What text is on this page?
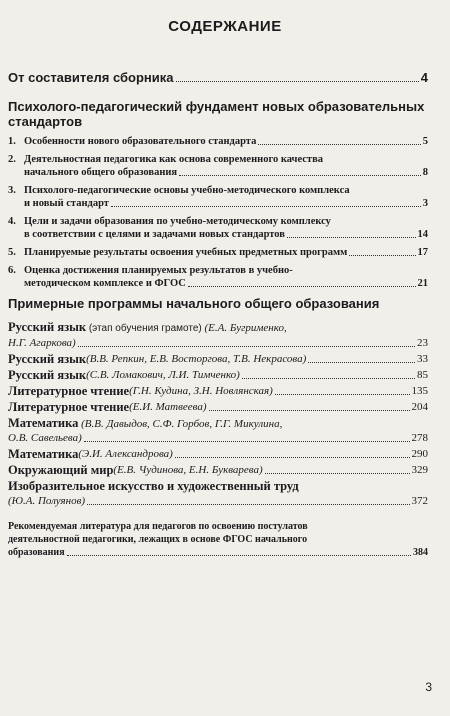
СОДЕРЖАНИЕ
От составителя сборника	4
Психолого-педагогический фундамент новых образовательных стандартов
1. Особенности нового образовательного стандарта	5
2. Деятельностная педагогика как основа современного качества
начального общего образования	8
3. Психолого-педагогические основы учебно-методического комплекса
и новый стандарт	3
4. Цели и задачи образования по учебно-методическому комплексу
в соответствии с целями и задачами новых стандартов	14
5. Планируемые результаты освоения учебных предметных программ	17
6. Оценка достижения планируемых результатов в учебно-
методическом комплексе и ФГОС	21
Примерные программы начального общего образования
Русский язык (этап обучения грамоте) (Е.А. Бугрименко,
Н.Г. Агаркова)	23
Русский язык (В.В. Репкин, Е.В. Восторгова, Т.В. Некрасова)	33
Русский язык (С.В. Ломакович, Л.И. Тимченко)	85
Литературное чтение (Г.Н. Кудина, З.Н. Новлянская)	135
Литературное чтение (Е.И. Матвеева)	204
Математика (В.В. Давыдов, С.Ф. Горбов, Г.Г. Микулина,
О.В. Савельева)	278
Математика (Э.И. Александрова)	290
Окружающий мир (Е.В. Чудинова, Е.Н. Букварева)	329
Изобразительное искусство и художественный труд
(Ю.А. Полуянов)	372
Рекомендуемая литература для педагогов по освоению постулатов
деятельностной педагогики, лежащих в основе ФГОС начального
образования	384
3
